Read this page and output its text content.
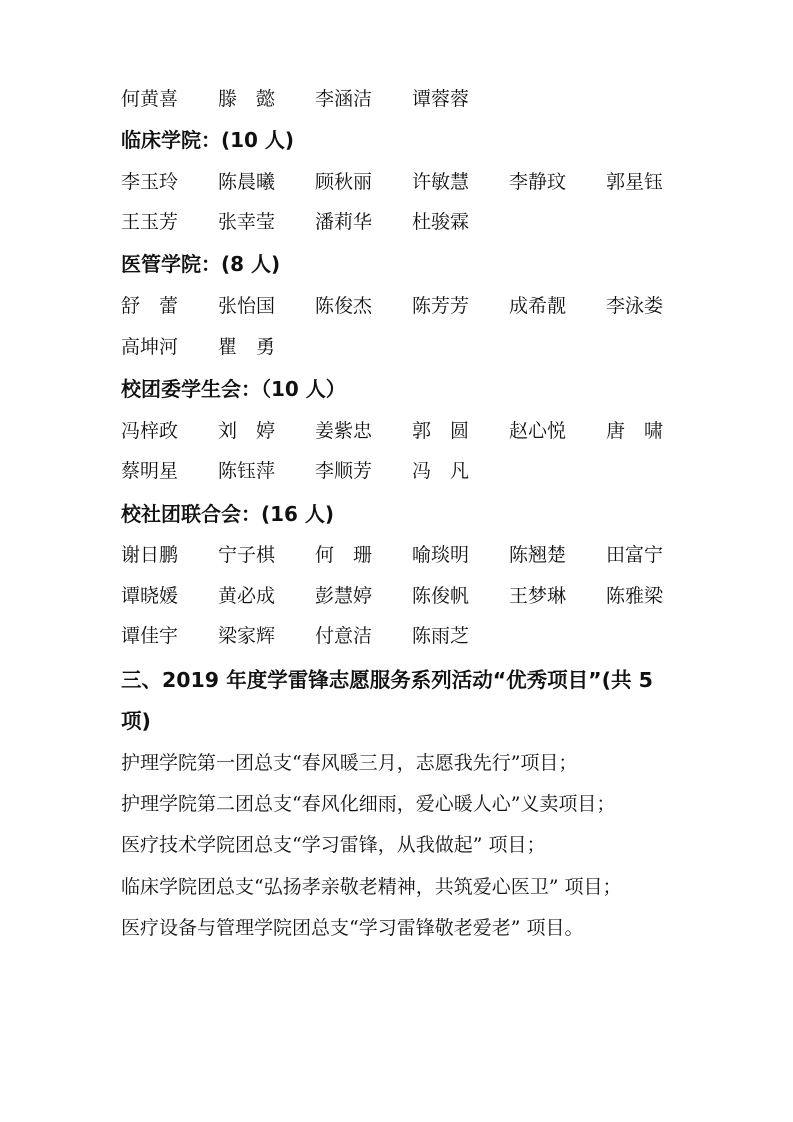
何黄喜 滕　懿 李涵洁 谭蓉蓉
临床学院：(10 人)
李玉玲 陈晨曦 顾秋丽 许敏慧 李静玟 郭星钰
王玉芳 张幸莹 潘莉华 杜骏霖
医管学院：(8 人)
舒　蕾 张怡国 陈俊杰 陈芳芳 成希靓 李泳娄
高坤河 瞿　勇
校团委学生会：（10 人）
冯梓政 刘　婷 姜紫忠 郭　圆 赵心悦 唐　啸
蔡明星 陈钰萍 李顺芳 冯　凡
校社团联合会：(16 人)
谢日鹏 宁子棋 何　珊 喻琰明 陈翘楚 田富宁
谭晓媛 黄必成 彭慧婷 陈俊帆 王梦琳 陈雅梁
谭佳宇 梁家辉 付意洁 陈雨芝
三、2019 年度学雷锋志愿服务系列活动“优秀项目”(共 5
项)
护理学院第一团总支“春风暖三月，志愿我先行”项目；
护理学院第二团总支“春风化细雨，爱心暖人心”义卖项目；
医疗技术学院团总支“学习雷锋，从我做起” 项目；
临床学院团总支“弘扬孝亲敬老精神，共筑爱心医卫” 项目；
医疗设备与管理学院团总支“学习雷锋敬老爱老” 项目。
